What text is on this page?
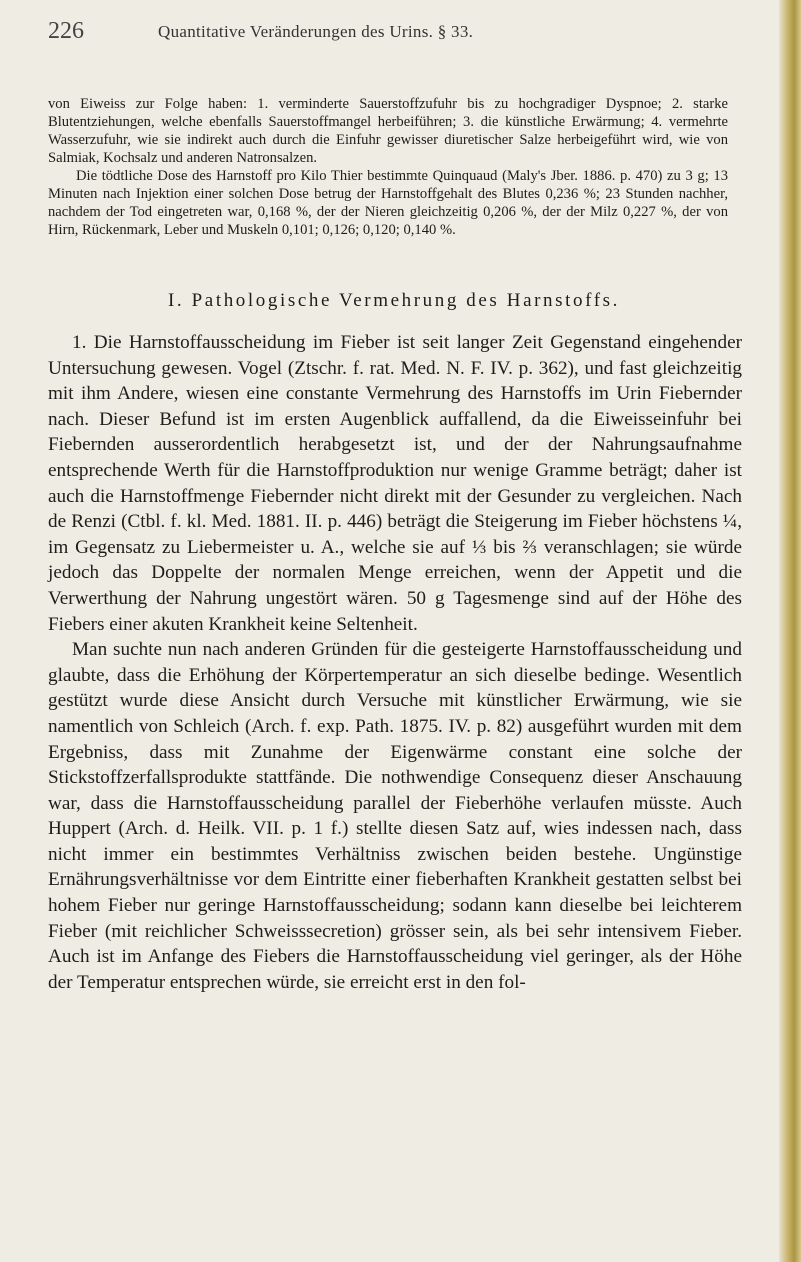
226	Quantitative Veränderungen des Urins. § 33.

von Eiweiss zur Folge haben: 1. verminderte Sauerstoffzufuhr bis zu hochgradiger Dyspnoe; 2. starke Blutentziehungen, welche ebenfalls Sauerstoffmangel herbeiführen; 3. die künstliche Erwärmung; 4. vermehrte Wasserzufuhr, wie sie indirekt auch durch die Einfuhr gewisser diuretischer Salze herbeigeführt wird, wie von Salmiak, Kochsalz und anderen Natronsalzen.

Die tödtliche Dose des Harnstoff pro Kilo Thier bestimmte Quinquaud (Maly's Jber. 1886. p. 470) zu 3 g; 13 Minuten nach Injektion einer solchen Dose betrug der Harnstoffgehalt des Blutes 0,236 %; 23 Stunden nachher, nachdem der Tod eingetreten war, 0,168 %, der der Nieren gleichzeitig 0,206 %, der der Milz 0,227 %, der von Hirn, Rückenmark, Leber und Muskeln 0,101; 0,126; 0,120; 0,140 %.

I. Pathologische Vermehrung des Harnstoffs.

1. Die Harnstoffausscheidung im Fieber ist seit langer Zeit Gegenstand eingehender Untersuchung gewesen. Vogel (Ztschr. f. rat. Med. N. F. IV. p. 362), und fast gleichzeitig mit ihm Andere, wiesen eine constante Vermehrung des Harnstoffs im Urin Fiebernder nach. Dieser Befund ist im ersten Augenblick auffallend, da die Eiweisseinfuhr bei Fiebernden ausserordentlich herabgesetzt ist, und der der Nahrungsaufnahme entsprechende Werth für die Harnstoffproduktion nur wenige Gramme beträgt; daher ist auch die Harnstoffmenge Fiebernder nicht direkt mit der Gesunder zu vergleichen. Nach de Renzi (Ctbl. f. kl. Med. 1881. II. p. 446) beträgt die Steigerung im Fieber höchstens ¼, im Gegensatz zu Liebermeister u. A., welche sie auf ⅓ bis ⅔ veranschlagen; sie würde jedoch das Doppelte der normalen Menge erreichen, wenn der Appetit und die Verwerthung der Nahrung ungestört wären. 50 g Tagesmenge sind auf der Höhe des Fiebers einer akuten Krankheit keine Seltenheit.

Man suchte nun nach anderen Gründen für die gesteigerte Harnstoffausscheidung und glaubte, dass die Erhöhung der Körpertemperatur an sich dieselbe bedinge. Wesentlich gestützt wurde diese Ansicht durch Versuche mit künstlicher Erwärmung, wie sie namentlich von Schleich (Arch. f. exp. Path. 1875. IV. p. 82) ausgeführt wurden mit dem Ergebniss, dass mit Zunahme der Eigenwärme constant eine solche der Stickstoffzerfallsprodukte stattfände. Die nothwendige Consequenz dieser Anschauung war, dass die Harnstoffausscheidung parallel der Fieberhöhe verlaufen müsste. Auch Huppert (Arch. d. Heilk. VII. p. 1 f.) stellte diesen Satz auf, wies indessen nach, dass nicht immer ein bestimmtes Verhältniss zwischen beiden bestehe. Ungünstige Ernährungsverhältnisse vor dem Eintritte einer fieberhaften Krankheit gestatten selbst bei hohem Fieber nur geringe Harnstoffausscheidung; sodann kann dieselbe bei leichterem Fieber (mit reichlicher Schweisssecretion) grösser sein, als bei sehr intensivem Fieber. Auch ist im Anfange des Fiebers die Harnstoffausscheidung viel geringer, als der Höhe der Temperatur entsprechen würde, sie erreicht erst in den fol-
